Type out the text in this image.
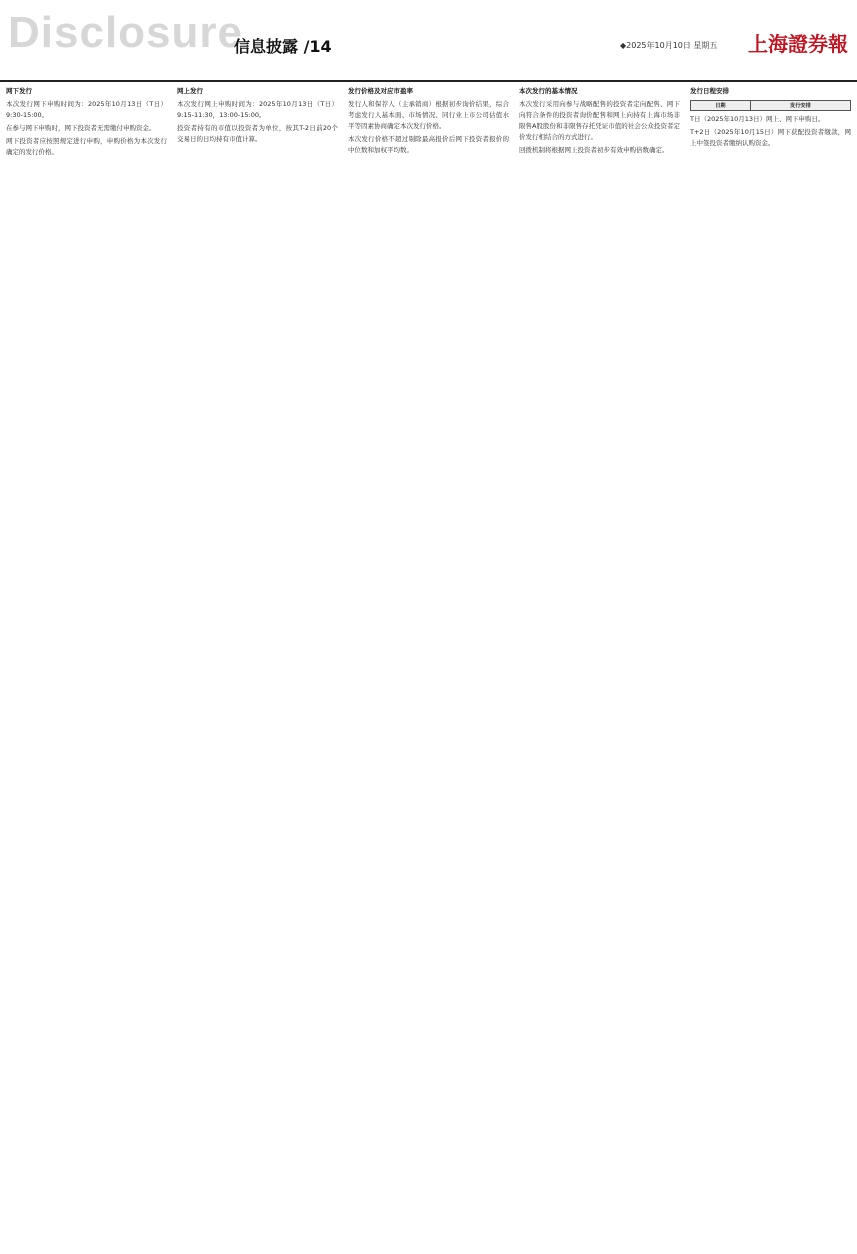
Disclosure
信息披露 /14	◆2025年10月10日 星期五 上海證券報

网下发行

本次发行网下申购时间为：2025年10月13日（T日）9:30-15:00。

在参与网下申购时，网下投资者无需缴付申购资金。

网下投资者应按照规定进行申购，申购价格为本次发行确定的发行价格。

网上发行

本次发行网上申购时间为：2025年10月13日（T日）9:15-11:30，13:00-15:00。

投资者持有的市值以投资者为单位，按其T-2日前20个交易日的日均持有市值计算。

发行价格及对应市盈率

发行人和保荐人（主承销商）根据初步询价结果，综合考虑发行人基本面、市场情况、同行业上市公司估值水平等因素协商确定本次发行价格。

本次发行价格不超过剔除最高报价后网下投资者报价的中位数和加权平均数。

本次发行的基本情况

本次发行采用向参与战略配售的投资者定向配售、网下向符合条件的投资者询价配售和网上向持有上海市场非限售A股股份和非限售存托凭证市值的社会公众投资者定价发行相结合的方式进行。

回拨机制将根据网上投资者初步有效申购倍数确定。

发行日程安排

日期	发行安排

T日（2025年10月13日）网上、网下申购日。

T+2日（2025年10月15日）网下获配投资者缴款，网上中签投资者缴纳认购资金。
